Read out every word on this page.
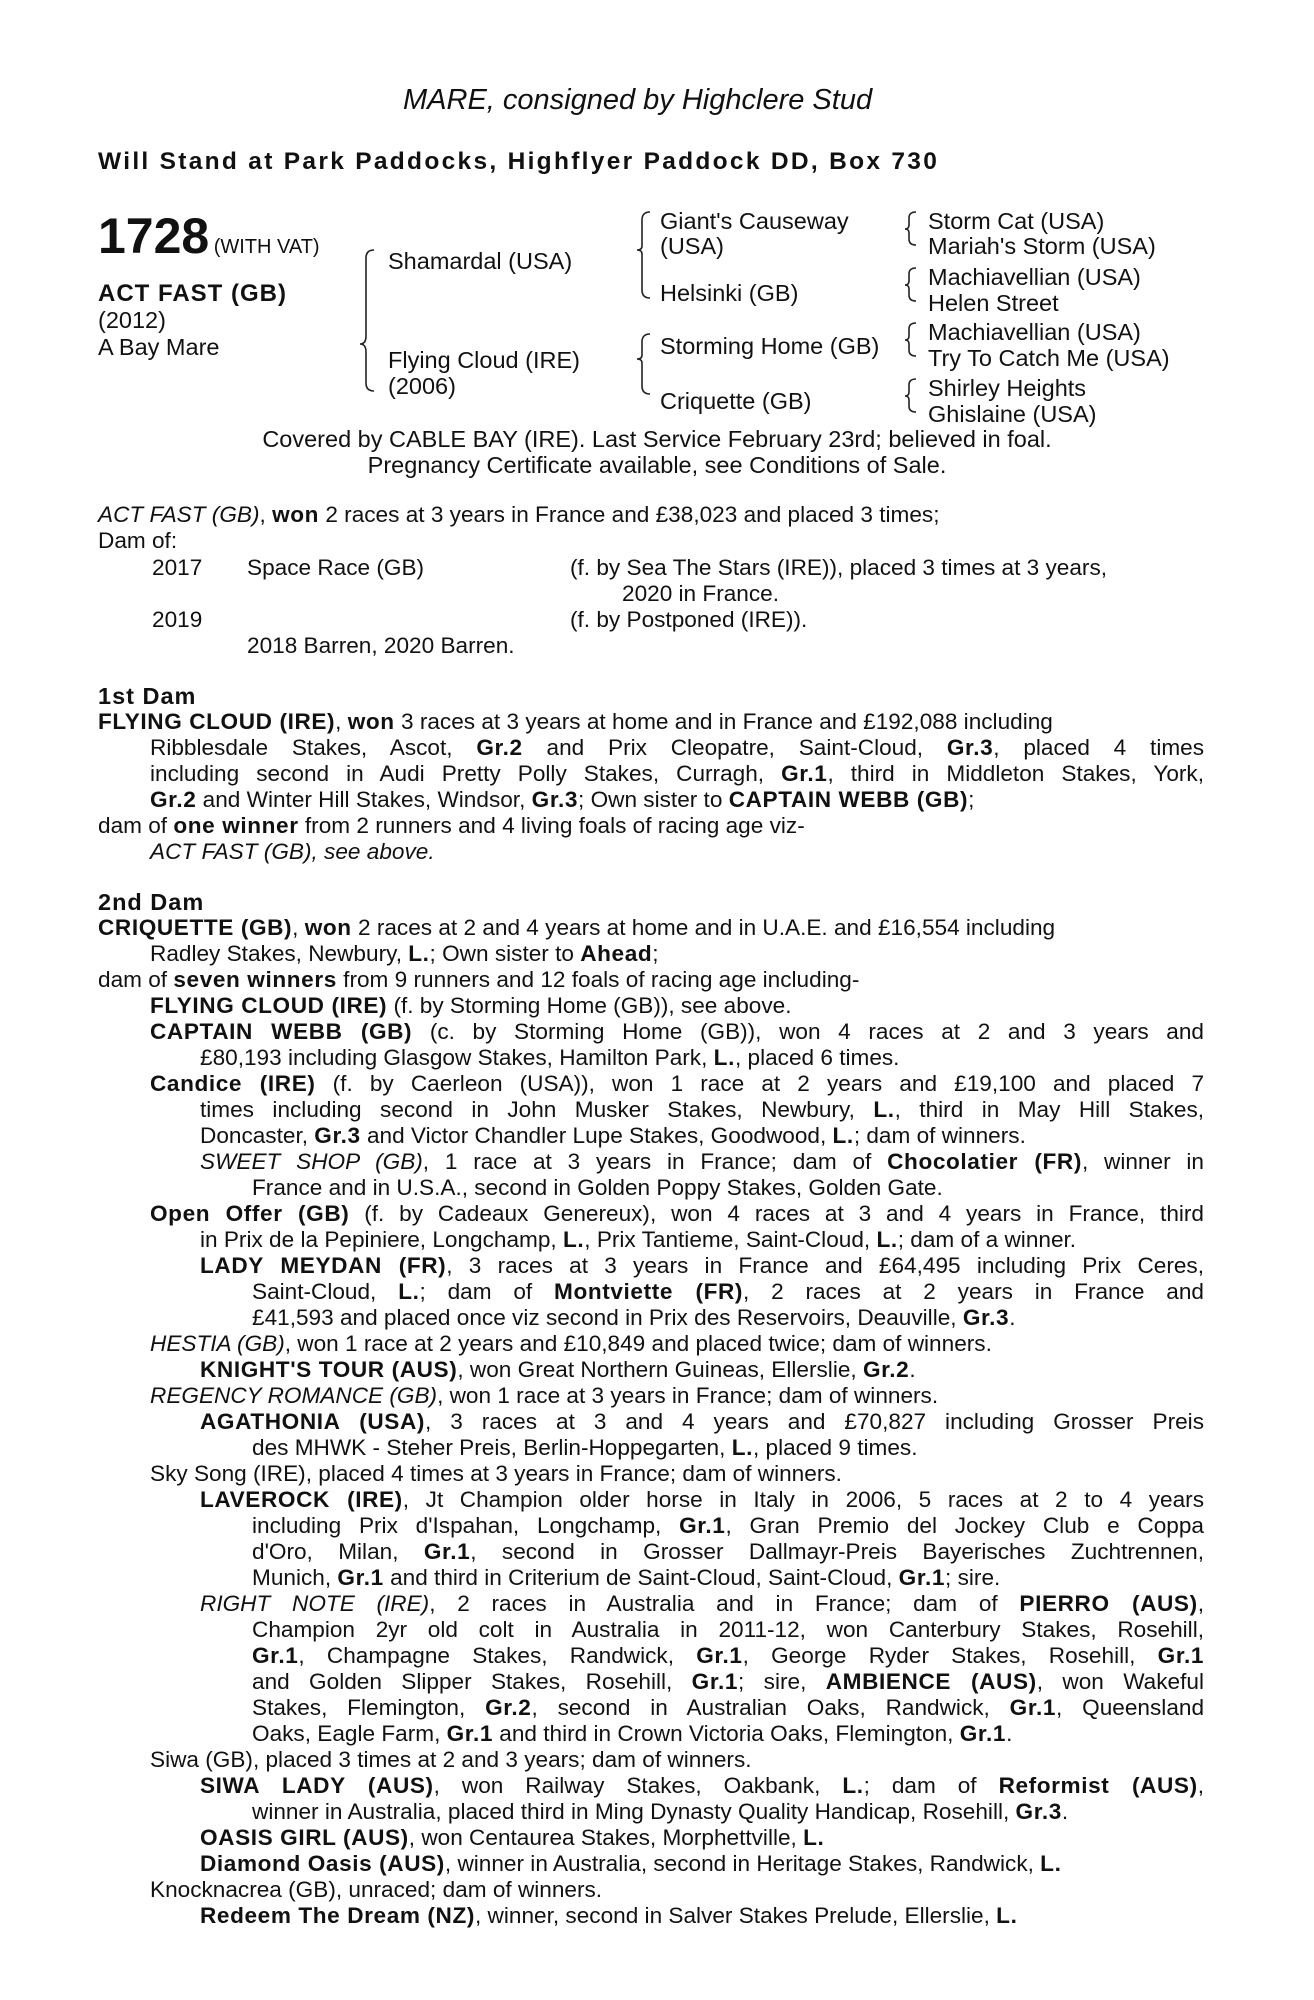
MARE, consigned by Highclere Stud
Will Stand at Park Paddocks, Highflyer Paddock DD, Box 730
1728 (WITH VAT)
ACT FAST (GB)
(2012)
A Bay Mare
Shamardal (USA)
Flying Cloud (IRE)
(2006)
Giant's Causeway
(USA)
Helsinki (GB)
Storming Home (GB)
Criquette (GB)
Storm Cat (USA)
Mariah's Storm (USA)
Machiavellian (USA)
Helen Street
Machiavellian (USA)
Try To Catch Me (USA)
Shirley Heights
Ghislaine (USA)
Covered by CABLE BAY (IRE). Last Service February 23rd; believed in foal.
Pregnancy Certificate available, see Conditions of Sale.
ACT FAST (GB), won 2 races at 3 years in France and £38,023 and placed 3 times;
Dam of:
2017 Space Race (GB)	(f. by Sea The Stars (IRE)), placed 3 times at 3 years,
2020 in France.
2019	(f. by Postponed (IRE)).
2018 Barren, 2020 Barren.
1st Dam
FLYING CLOUD (IRE), won 3 races at 3 years at home and in France and £192,088 including
Ribblesdale Stakes, Ascot, Gr.2 and Prix Cleopatre, Saint-Cloud, Gr.3, placed 4 times
including second in Audi Pretty Polly Stakes, Curragh, Gr.1, third in Middleton Stakes, York,
Gr.2 and Winter Hill Stakes, Windsor, Gr.3; Own sister to CAPTAIN WEBB (GB);
dam of one winner from 2 runners and 4 living foals of racing age viz-
ACT FAST (GB), see above.
2nd Dam
CRIQUETTE (GB), won 2 races at 2 and 4 years at home and in U.A.E. and £16,554 including
Radley Stakes, Newbury, L.; Own sister to Ahead;
dam of seven winners from 9 runners and 12 foals of racing age including-
FLYING CLOUD (IRE) (f. by Storming Home (GB)), see above.
CAPTAIN WEBB (GB) (c. by Storming Home (GB)), won 4 races at 2 and 3 years and
£80,193 including Glasgow Stakes, Hamilton Park, L., placed 6 times.
Candice (IRE) (f. by Caerleon (USA)), won 1 race at 2 years and £19,100 and placed 7
times including second in John Musker Stakes, Newbury, L., third in May Hill Stakes,
Doncaster, Gr.3 and Victor Chandler Lupe Stakes, Goodwood, L.; dam of winners.
SWEET SHOP (GB), 1 race at 3 years in France; dam of Chocolatier (FR), winner in
France and in U.S.A., second in Golden Poppy Stakes, Golden Gate.
Open Offer (GB) (f. by Cadeaux Genereux), won 4 races at 3 and 4 years in France, third
in Prix de la Pepiniere, Longchamp, L., Prix Tantieme, Saint-Cloud, L.; dam of a winner.
LADY MEYDAN (FR), 3 races at 3 years in France and £64,495 including Prix Ceres,
Saint-Cloud, L.; dam of Montviette (FR), 2 races at 2 years in France and
£41,593 and placed once viz second in Prix des Reservoirs, Deauville, Gr.3.
HESTIA (GB), won 1 race at 2 years and £10,849 and placed twice; dam of winners.
KNIGHT'S TOUR (AUS), won Great Northern Guineas, Ellerslie, Gr.2.
REGENCY ROMANCE (GB), won 1 race at 3 years in France; dam of winners.
AGATHONIA (USA), 3 races at 3 and 4 years and £70,827 including Grosser Preis
des MHWK - Steher Preis, Berlin-Hoppegarten, L., placed 9 times.
Sky Song (IRE), placed 4 times at 3 years in France; dam of winners.
LAVEROCK (IRE), Jt Champion older horse in Italy in 2006, 5 races at 2 to 4 years
including Prix d'Ispahan, Longchamp, Gr.1, Gran Premio del Jockey Club e Coppa
d'Oro, Milan, Gr.1, second in Grosser Dallmayr-Preis Bayerisches Zuchtrennen,
Munich, Gr.1 and third in Criterium de Saint-Cloud, Saint-Cloud, Gr.1; sire.
RIGHT NOTE (IRE), 2 races in Australia and in France; dam of PIERRO (AUS),
Champion 2yr old colt in Australia in 2011-12, won Canterbury Stakes, Rosehill,
Gr.1, Champagne Stakes, Randwick, Gr.1, George Ryder Stakes, Rosehill, Gr.1
and Golden Slipper Stakes, Rosehill, Gr.1; sire, AMBIENCE (AUS), won Wakeful
Stakes, Flemington, Gr.2, second in Australian Oaks, Randwick, Gr.1, Queensland
Oaks, Eagle Farm, Gr.1 and third in Crown Victoria Oaks, Flemington, Gr.1.
Siwa (GB), placed 3 times at 2 and 3 years; dam of winners.
SIWA LADY (AUS), won Railway Stakes, Oakbank, L.; dam of Reformist (AUS),
winner in Australia, placed third in Ming Dynasty Quality Handicap, Rosehill, Gr.3.
OASIS GIRL (AUS), won Centaurea Stakes, Morphettville, L.
Diamond Oasis (AUS), winner in Australia, second in Heritage Stakes, Randwick, L.
Knocknacrea (GB), unraced; dam of winners.
Redeem The Dream (NZ), winner, second in Salver Stakes Prelude, Ellerslie, L.
